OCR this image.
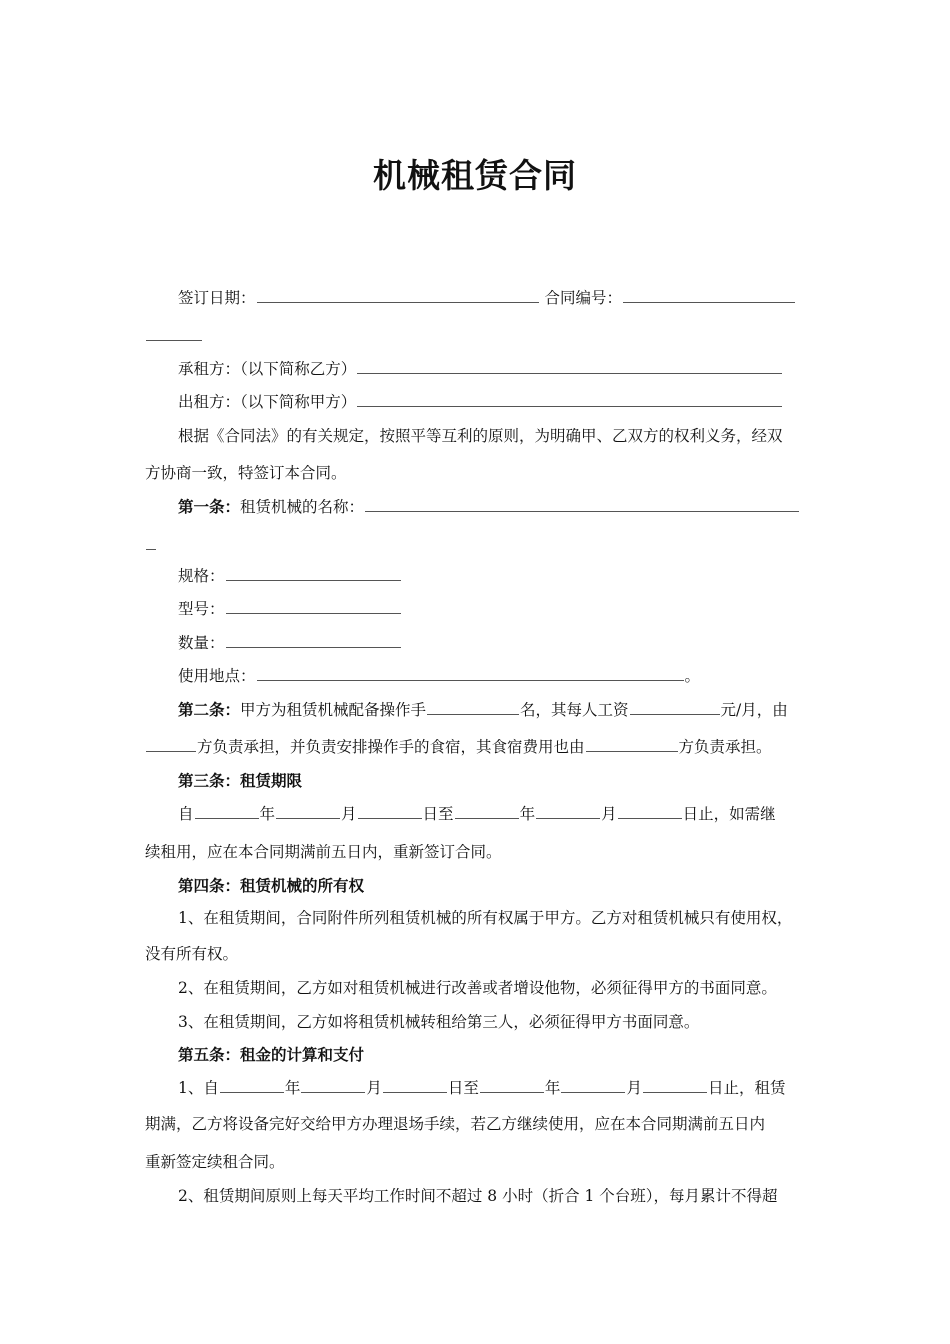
机械租赁合同
签订日期：	合同编号：
承租方：（以下简称乙方）
出租方：（以下简称甲方）
根据《合同法》的有关规定，按照平等互利的原则，为明确甲、乙双方的权利义务，经双
方协商一致，特签订本合同。
第一条：租赁机械的名称：
规格：
型号：
数量：
使用地点：	。
第二条：甲方为租赁机械配备操作手	名，其每人工资	元/月，由
方负责承担，并负责安排操作手的食宿，其食宿费用也由	方负责承担。
第三条：租赁期限
自	年	月	日至	年	月	日止，如需继
续租用，应在本合同期满前五日内，重新签订合同。
第四条：租赁机械的所有权
1、在租赁期间，合同附件所列租赁机械的所有权属于甲方。乙方对租赁机械只有使用权，
没有所有权。
2、在租赁期间，乙方如对租赁机械进行改善或者增设他物，必须征得甲方的书面同意。
3、在租赁期间，乙方如将租赁机械转租给第三人，必须征得甲方书面同意。
第五条：租金的计算和支付
1、自	年	月	日至	年	月	日止，租赁
期满，乙方将设备完好交给甲方办理退场手续，若乙方继续使用，应在本合同期满前五日内
重新签定续租合同。
2、租赁期间原则上每天平均工作时间不超过 8 小时（折合 1 个台班），每月累计不得超
